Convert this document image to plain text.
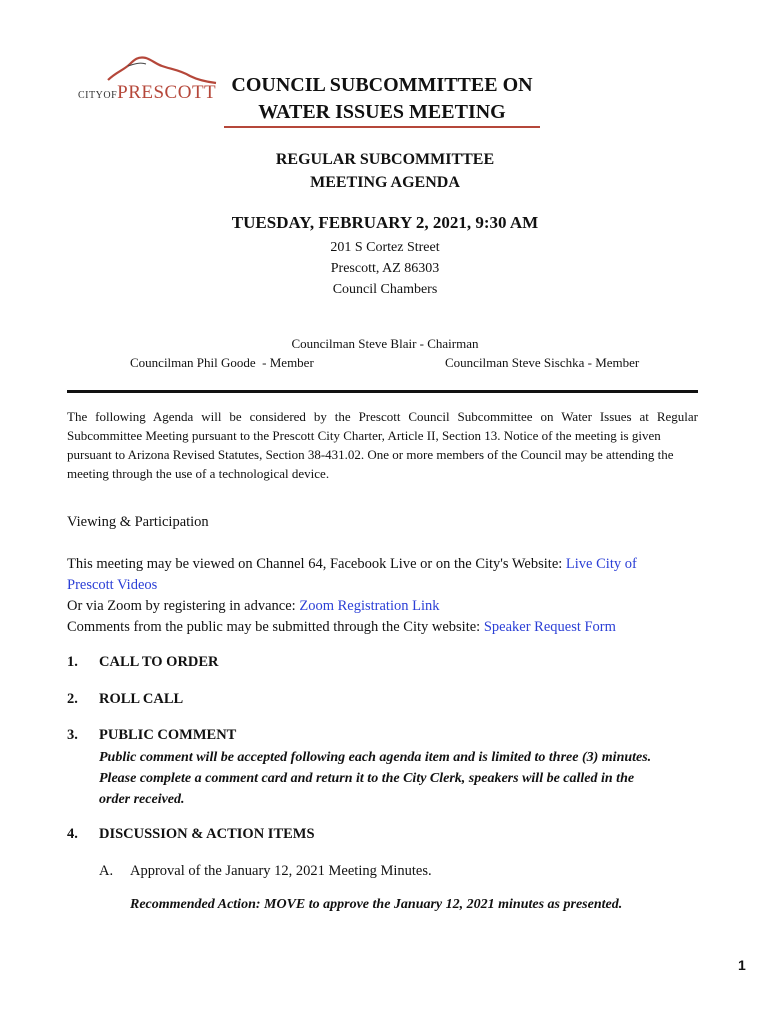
CITYOFPRESCOTT COUNCIL SUBCOMMITTEE ON
WATER ISSUES MEETING
REGULAR SUBCOMMITTEE
MEETING AGENDA
TUESDAY, FEBRUARY 2, 2021, 9:30 AM
201 S Cortez Street
Prescott, AZ 86303
Council Chambers
Councilman Steve Blair - Chairman
Councilman Phil Goode  - Member	Councilman Steve Sischka - Member
The following Agenda will be considered by the Prescott Council Subcommittee on Water Issues at Regular
Subcommittee Meeting pursuant to the Prescott City Charter, Article II, Section 13. Notice of the meeting is given
pursuant to Arizona Revised Statutes, Section 38-431.02. One or more members of the Council may be attending the
meeting through the use of a technological device.
Viewing & Participation
This meeting may be viewed on Channel 64, Facebook Live or on the City's Website: Live City of
Prescott Videos
Or via Zoom by registering in advance: Zoom Registration Link
Comments from the public may be submitted through the City website: Speaker Request Form
1. CALL TO ORDER
2. ROLL CALL
3. PUBLIC COMMENT
Public comment will be accepted following each agenda item and is limited to three (3) minutes.
Please complete a comment card and return it to the City Clerk, speakers will be called in the
order received.
4. DISCUSSION & ACTION ITEMS
A. Approval of the January 12, 2021 Meeting Minutes.
Recommended Action: MOVE to approve the January 12, 2021 minutes as presented.
1
